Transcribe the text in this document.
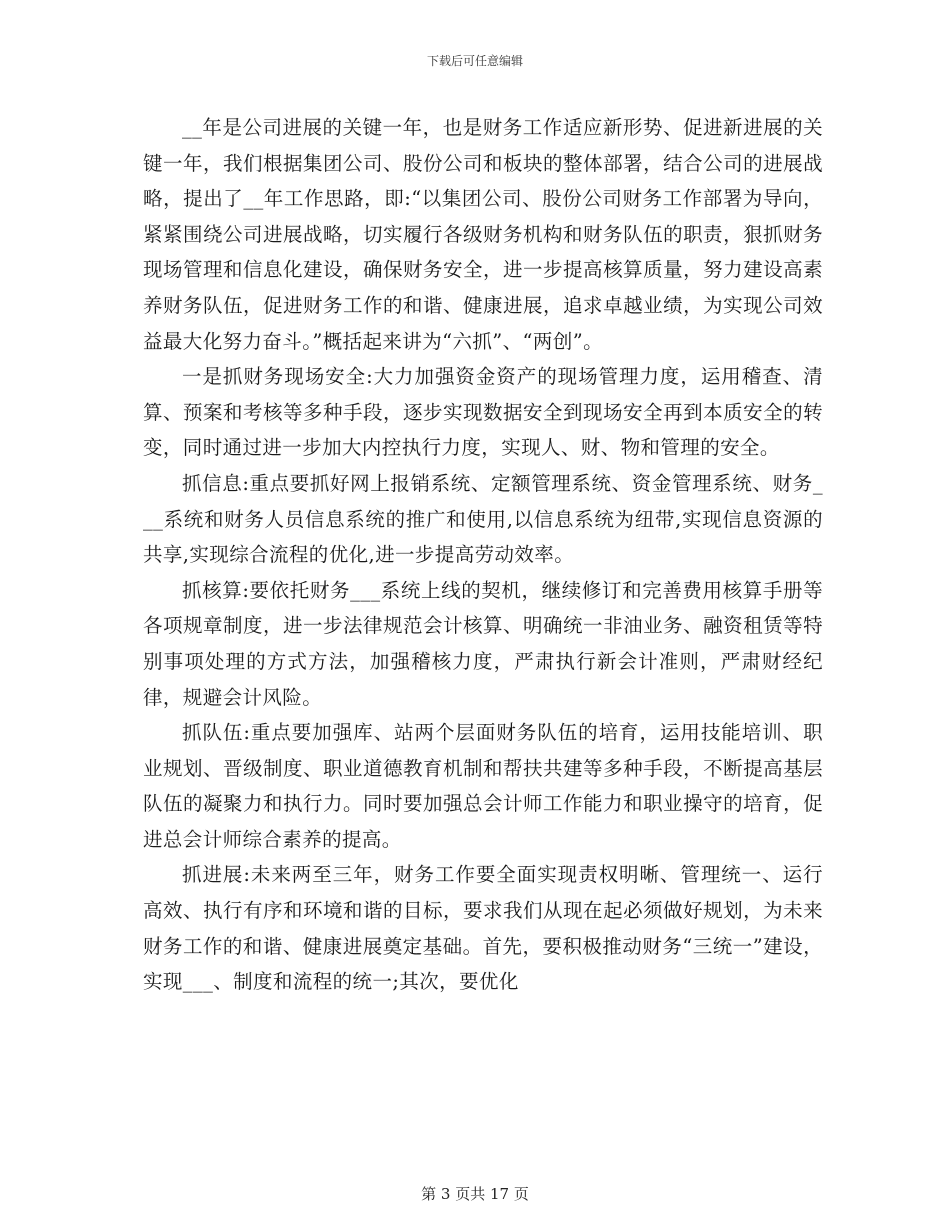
下载后可任意编辑

__年是公司进展的关键一年，也是财务工作适应新形势、促进新进展的关键一年，我们根据集团公司、股份公司和板块的整体部署，结合公司的进展战略，提出了__年工作思路，即:“以集团公司、股份公司财务工作部署为导向，紧紧围绕公司进展战略，切实履行各级财务机构和财务队伍的职责，狠抓财务现场管理和信息化建设，确保财务安全，进一步提高核算质量，努力建设高素养财务队伍，促进财务工作的和谐、健康进展，追求卓越业绩，为实现公司效益最大化努力奋斗。”概括起来讲为“六抓”、“两创”。

一是抓财务现场安全:大力加强资金资产的现场管理力度，运用稽查、清算、预案和考核等多种手段，逐步实现数据安全到现场安全再到本质安全的转变，同时通过进一步加大内控执行力度，实现人、财、物和管理的安全。

抓信息:重点要抓好网上报销系统、定额管理系统、资金管理系统、财务___系统和财务人员信息系统的推广和使用,以信息系统为纽带,实现信息资源的共享,实现综合流程的优化,进一步提高劳动效率。

抓核算:要依托财务___系统上线的契机，继续修订和完善费用核算手册等各项规章制度，进一步法律规范会计核算、明确统一非油业务、融资租赁等特别事项处理的方式方法，加强稽核力度，严肃执行新会计准则，严肃财经纪律，规避会计风险。

抓队伍:重点要加强库、站两个层面财务队伍的培育，运用技能培训、职业规划、晋级制度、职业道德教育机制和帮扶共建等多种手段，不断提高基层队伍的凝聚力和执行力。同时要加强总会计师工作能力和职业操守的培育，促进总会计师综合素养的提高。

抓进展:未来两至三年，财务工作要全面实现责权明晰、管理统一、运行高效、执行有序和环境和谐的目标，要求我们从现在起必须做好规划，为未来财务工作的和谐、健康进展奠定基础。首先，要积极推动财务“三统一”建设，实现___、制度和流程的统一;其次，要优化

第 3 页共 17 页
